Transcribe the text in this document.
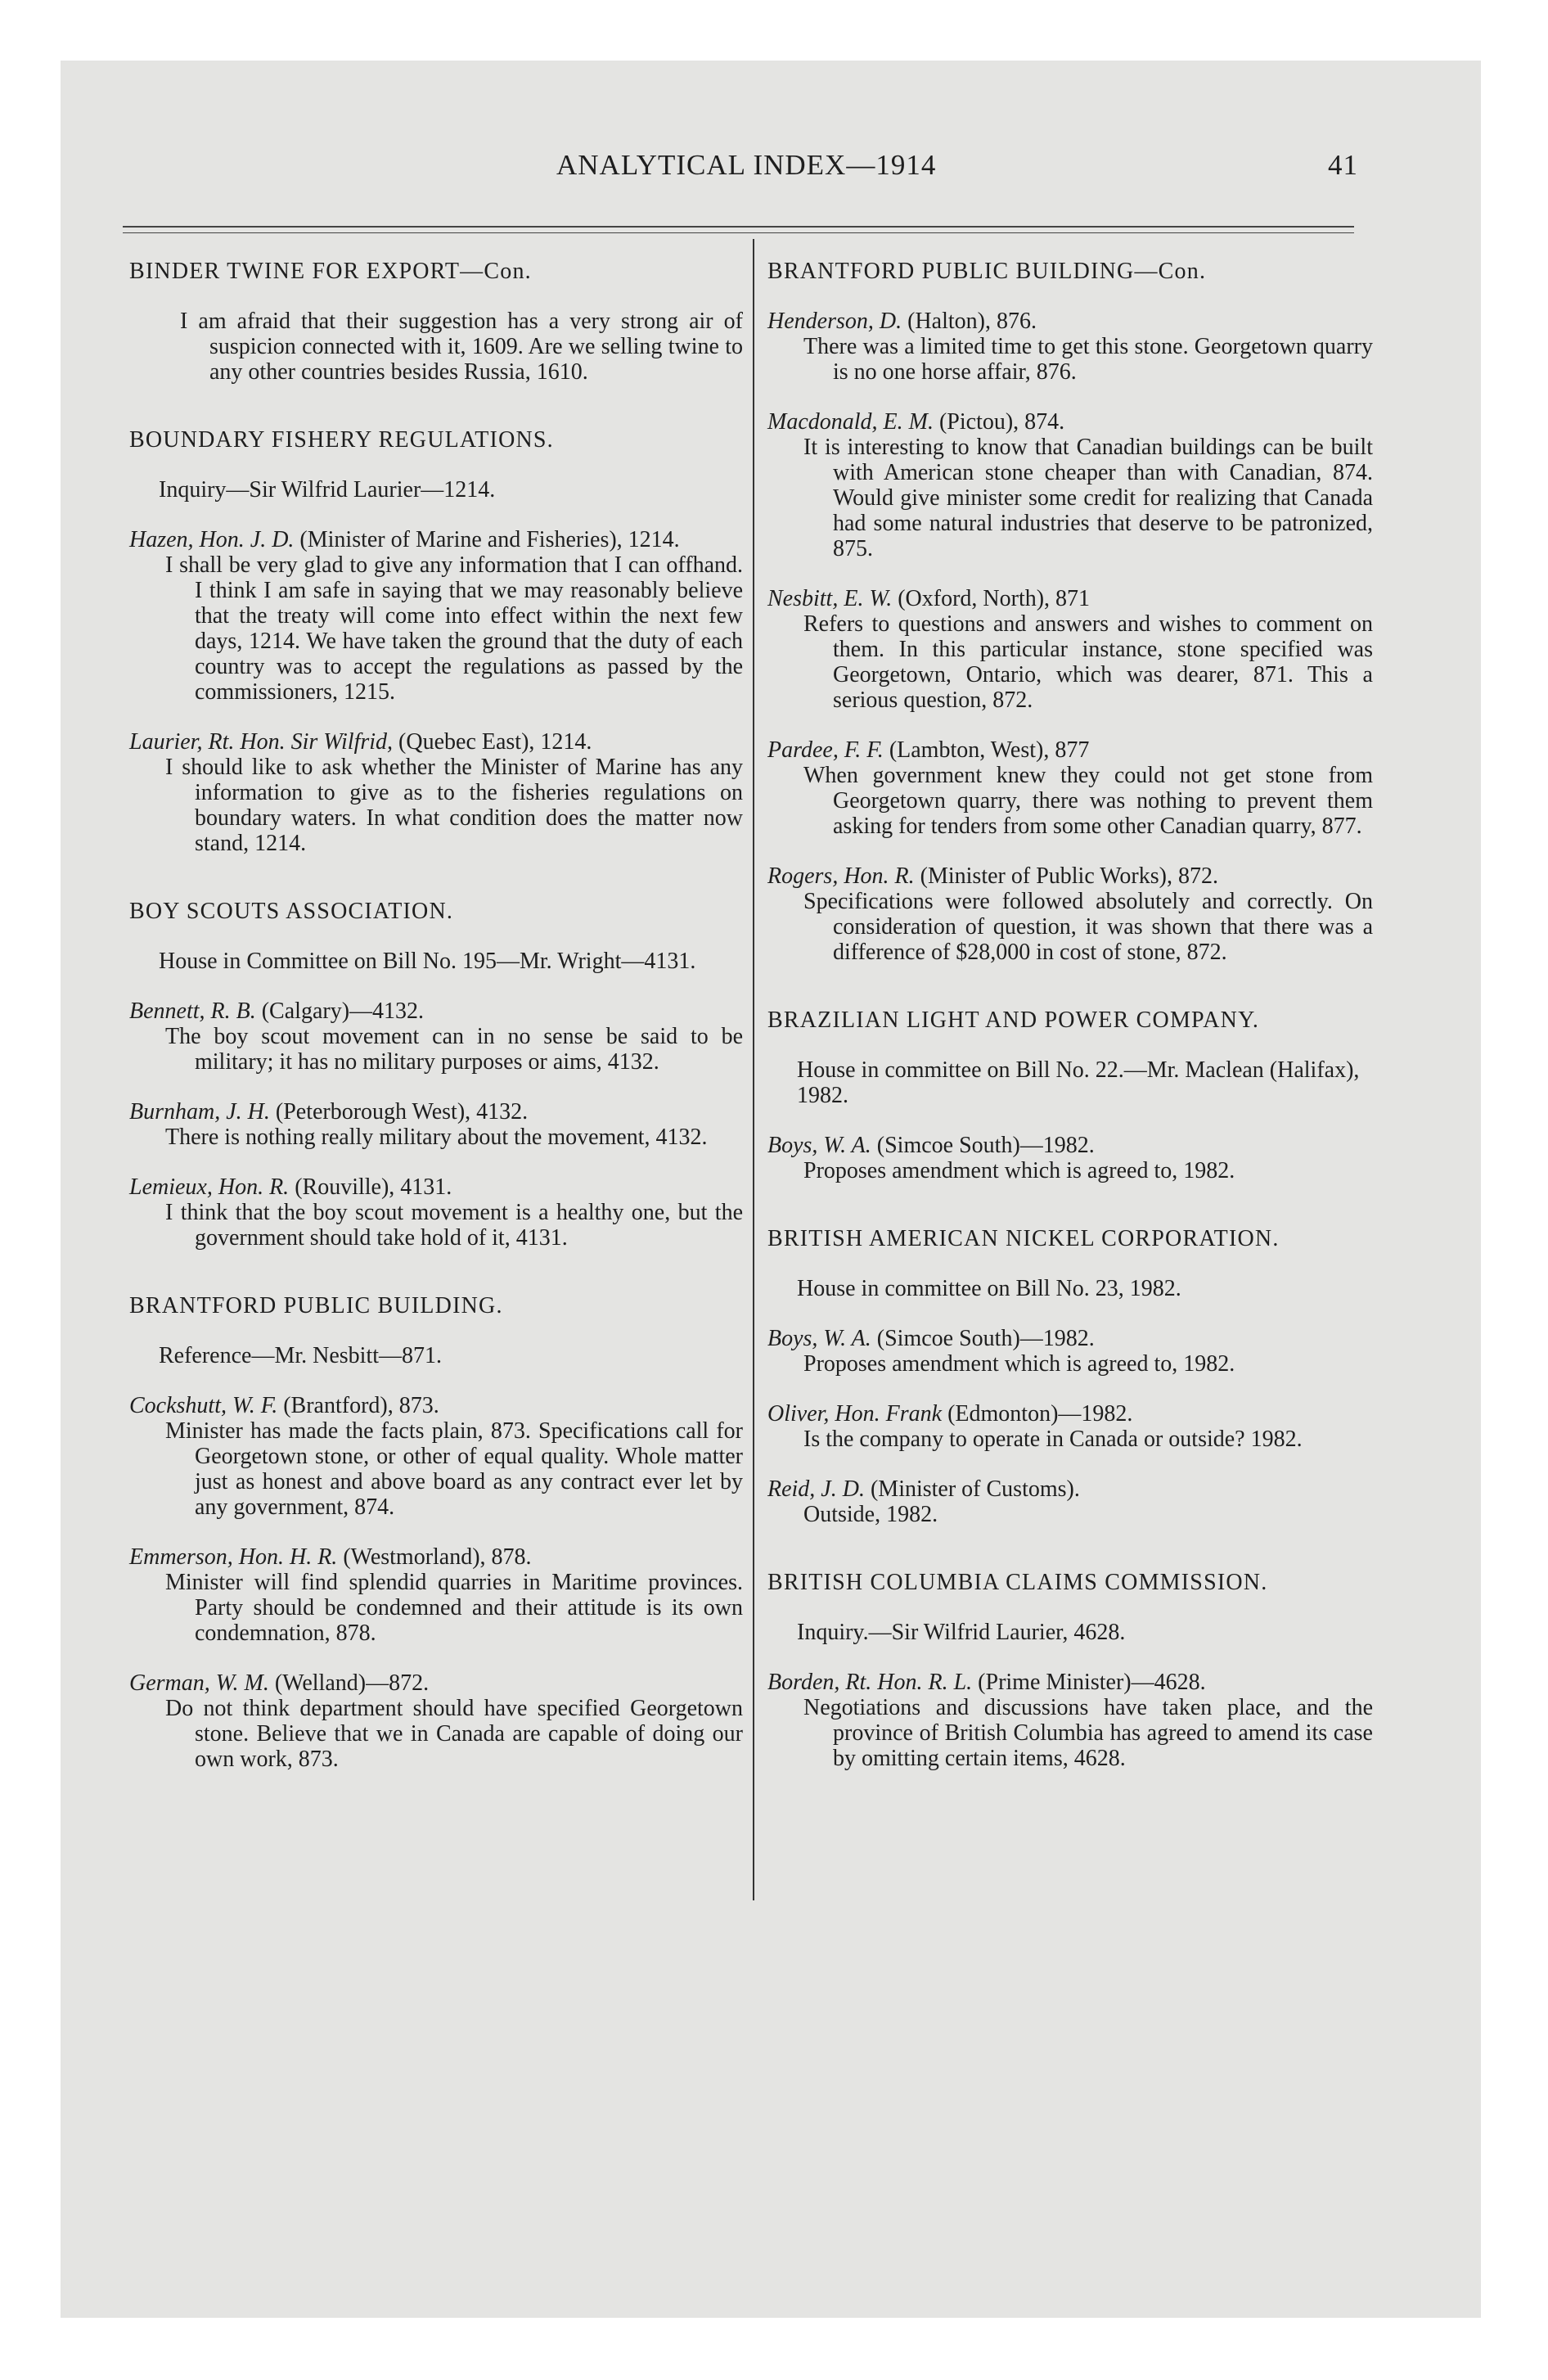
ANALYTICAL INDEX—1914	41
BINDER TWINE FOR EXPORT—Con.

I am afraid that their suggestion has a very strong air of suspicion connected with it, 1609. Are we selling twine to any other countries besides Russia, 1610.

BOUNDARY FISHERY REGULATIONS.

Inquiry—Sir Wilfrid Laurier—1214.

Hazen, Hon. J. D. (Minister of Marine and Fisheries), 1214.

I shall be very glad to give any information that I can offhand. I think I am safe in saying that we may reasonably believe that the treaty will come into effect within the next few days, 1214. We have taken the ground that the duty of each country was to accept the regulations as passed by the commissioners, 1215.

Laurier, Rt. Hon. Sir Wilfrid, (Quebec East), 1214.

I should like to ask whether the Minister of Marine has any information to give as to the fisheries regulations on boundary waters. In what condition does the matter now stand, 1214.

BOY SCOUTS ASSOCIATION.

House in Committee on Bill No. 195—Mr. Wright—4131.

Bennett, R. B. (Calgary)—4132.

The boy scout movement can in no sense be said to be military; it has no military purposes or aims, 4132.

Burnham, J. H. (Peterborough West), 4132.

There is nothing really military about the movement, 4132.

Lemieux, Hon. R. (Rouville), 4131.

I think that the boy scout movement is a healthy one, but the government should take hold of it, 4131.

BRANTFORD PUBLIC BUILDING.

Reference—Mr. Nesbitt—871.

Cockshutt, W. F. (Brantford), 873.

Minister has made the facts plain, 873. Specifications call for Georgetown stone, or other of equal quality. Whole matter just as honest and above board as any contract ever let by any government, 874.

Emmerson, Hon. H. R. (Westmorland), 878.

Minister will find splendid quarries in Maritime provinces. Party should be condemned and their attitude is its own condemnation, 878.

German, W. M. (Welland)—872.

Do not think department should have specified Georgetown stone. Believe that we in Canada are capable of doing our own work, 873.

BRANTFORD PUBLIC BUILDING—Con.

Henderson, D. (Halton), 876.

There was a limited time to get this stone. Georgetown quarry is no one horse affair, 876.

Macdonald, E. M. (Pictou), 874.

It is interesting to know that Canadian buildings can be built with American stone cheaper than with Canadian, 874. Would give minister some credit for realizing that Canada had some natural industries that deserve to be patronized, 875.

Nesbitt, E. W. (Oxford, North), 871

Refers to questions and answers and wishes to comment on them. In this particular instance, stone specified was Georgetown, Ontario, which was dearer, 871. This a serious question, 872.

Pardee, F. F. (Lambton, West), 877

When government knew they could not get stone from Georgetown quarry, there was nothing to prevent them asking for tenders from some other Canadian quarry, 877.

Rogers, Hon. R. (Minister of Public Works), 872.

Specifications were followed absolutely and correctly. On consideration of question, it was shown that there was a difference of $28,000 in cost of stone, 872.

BRAZILIAN LIGHT AND POWER COMPANY.

House in committee on Bill No. 22.—Mr. Maclean (Halifax), 1982.

Boys, W. A. (Simcoe South)—1982.

Proposes amendment which is agreed to, 1982.

BRITISH AMERICAN NICKEL CORPORATION.

House in committee on Bill No. 23, 1982.

Boys, W. A. (Simcoe South)—1982.

Proposes amendment which is agreed to, 1982.

Oliver, Hon. Frank (Edmonton)—1982.

Is the company to operate in Canada or outside? 1982.

Reid, J. D. (Minister of Customs).

Outside, 1982.

BRITISH COLUMBIA CLAIMS COMMISSION.

Inquiry.—Sir Wilfrid Laurier, 4628.

Borden, Rt. Hon. R. L. (Prime Minister)—4628.

Negotiations and discussions have taken place, and the province of British Columbia has agreed to amend its case by omitting certain items, 4628.
